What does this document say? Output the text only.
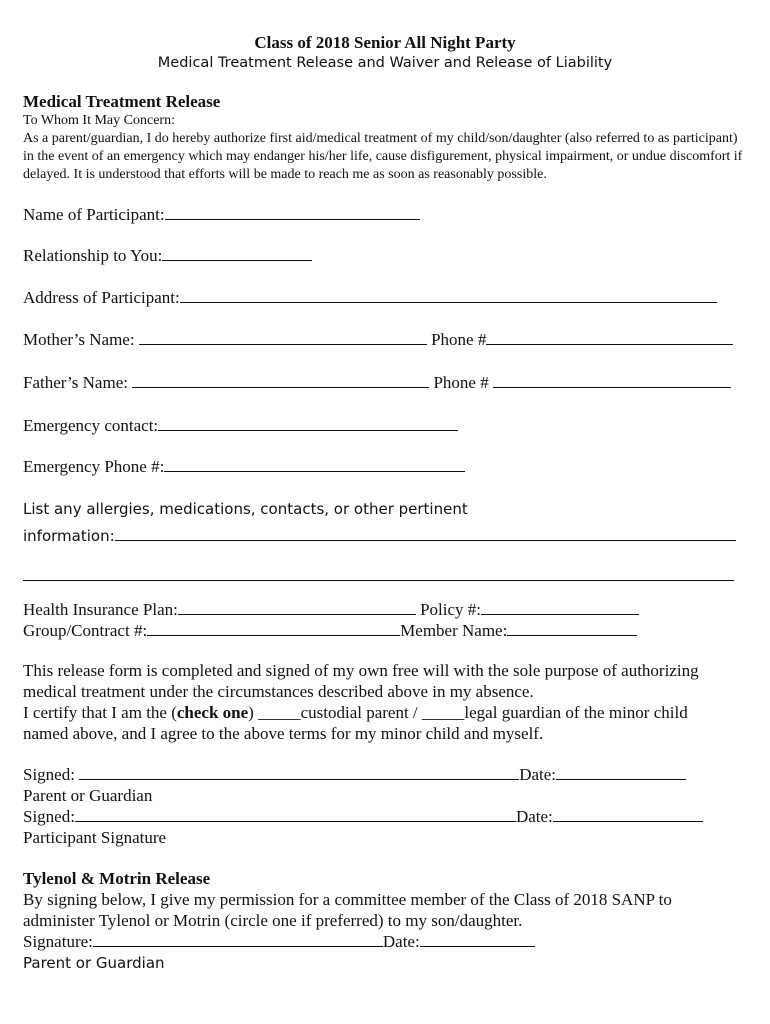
Class of 2018 Senior All Night Party
Medical Treatment Release and Waiver and Release of Liability
Medical Treatment Release
To Whom It May Concern:
As a parent/guardian, I do hereby authorize first aid/medical treatment of my child/son/daughter (also referred to as participant) in the event of an emergency which may endanger his/her life, cause disfigurement, physical impairment, or undue discomfort if delayed. It is understood that efforts will be made to reach me as soon as reasonably possible.
Name of Participant:
Relationship to You:
Address of Participant:
Mother’s Name:	Phone #
Father’s Name:	Phone #
Emergency contact:
Emergency Phone #:
List any allergies, medications, contacts, or other pertinent
information:
Health Insurance Plan:	Policy #:
Group/Contract #:	Member Name:
This release form is completed and signed of my own free will with the sole purpose of authorizing
medical treatment under the circumstances described above in my absence.
I certify that I am the (check one) _____custodial parent / _____legal guardian of the minor child
named above, and I agree to the above terms for my minor child and myself.
Signed:	Date:
Parent or Guardian
Signed:	Date:
Participant Signature
Tylenol & Motrin Release
By signing below, I give my permission for a committee member of the Class of 2018 SANP to
administer Tylenol or Motrin (circle one if preferred) to my son/daughter.
Signature:	Date:
Parent or Guardian
